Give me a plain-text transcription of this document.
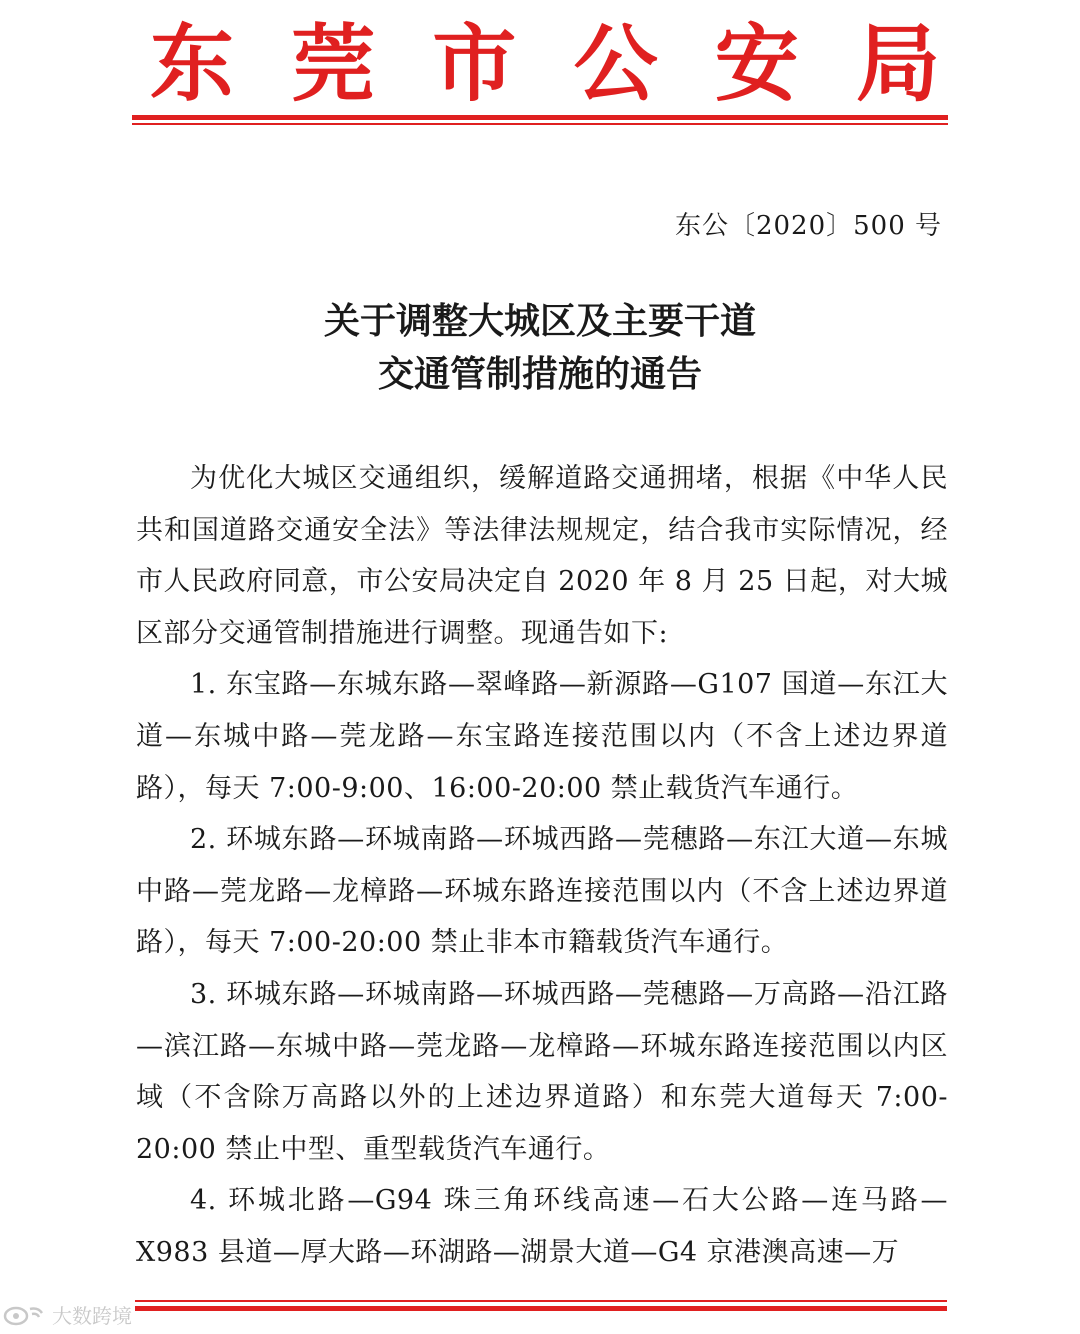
东 莞 市 公 安 局
东公〔2020〕500 号
关于调整大城区及主要干道
交通管制措施的通告

为优化大城区交通组织，缓解道路交通拥堵，根据《中华人民共和国道路交通安全法》等法律法规规定，结合我市实际情况，经市人民政府同意，市公安局决定自 2020 年 8 月 25 日起，对大城区部分交通管制措施进行调整。现通告如下:

1. 东宝路—东城东路—翠峰路—新源路—G107 国道—东江大道—东城中路—莞龙路—东宝路连接范围以内（不含上述边界道路），每天 7:00-9:00、16:00-20:00 禁止载货汽车通行。

2. 环城东路—环城南路—环城西路—莞穗路—东江大道—东城中路—莞龙路—龙樟路—环城东路连接范围以内（不含上述边界道路），每天 7:00-20:00 禁止非本市籍载货汽车通行。

3. 环城东路—环城南路—环城西路—莞穗路—万高路—沿江路—滨江路—东城中路—莞龙路—龙樟路—环城东路连接范围以内区域（不含除万高路以外的上述边界道路）和东莞大道每天 7:00-20:00 禁止中型、重型载货汽车通行。

4. 环城北路—G94 珠三角环线高速—石大公路—连马路—X983 县道—厚大路—环湖路—湖景大道—G4 京港澳高速—万

大数跨境
